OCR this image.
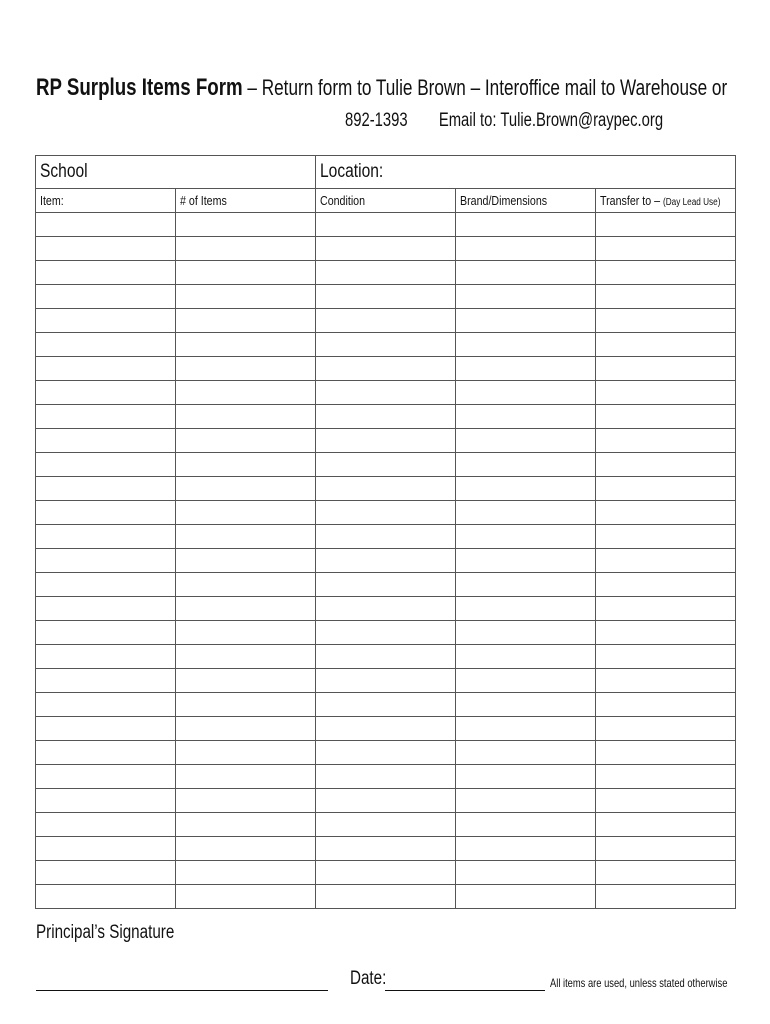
RP Surplus Items Form – Return form to Tulie Brown – Interoffice mail to Warehouse or
892-1393 Email to: Tulie.Brown@raypec.org
School		Location:		
Item:	# of Items	Condition	Brand/Dimensions	Transfer to – (Day Lead Use)

Principal’s Signature
Date:	All items are used, unless stated otherwise
